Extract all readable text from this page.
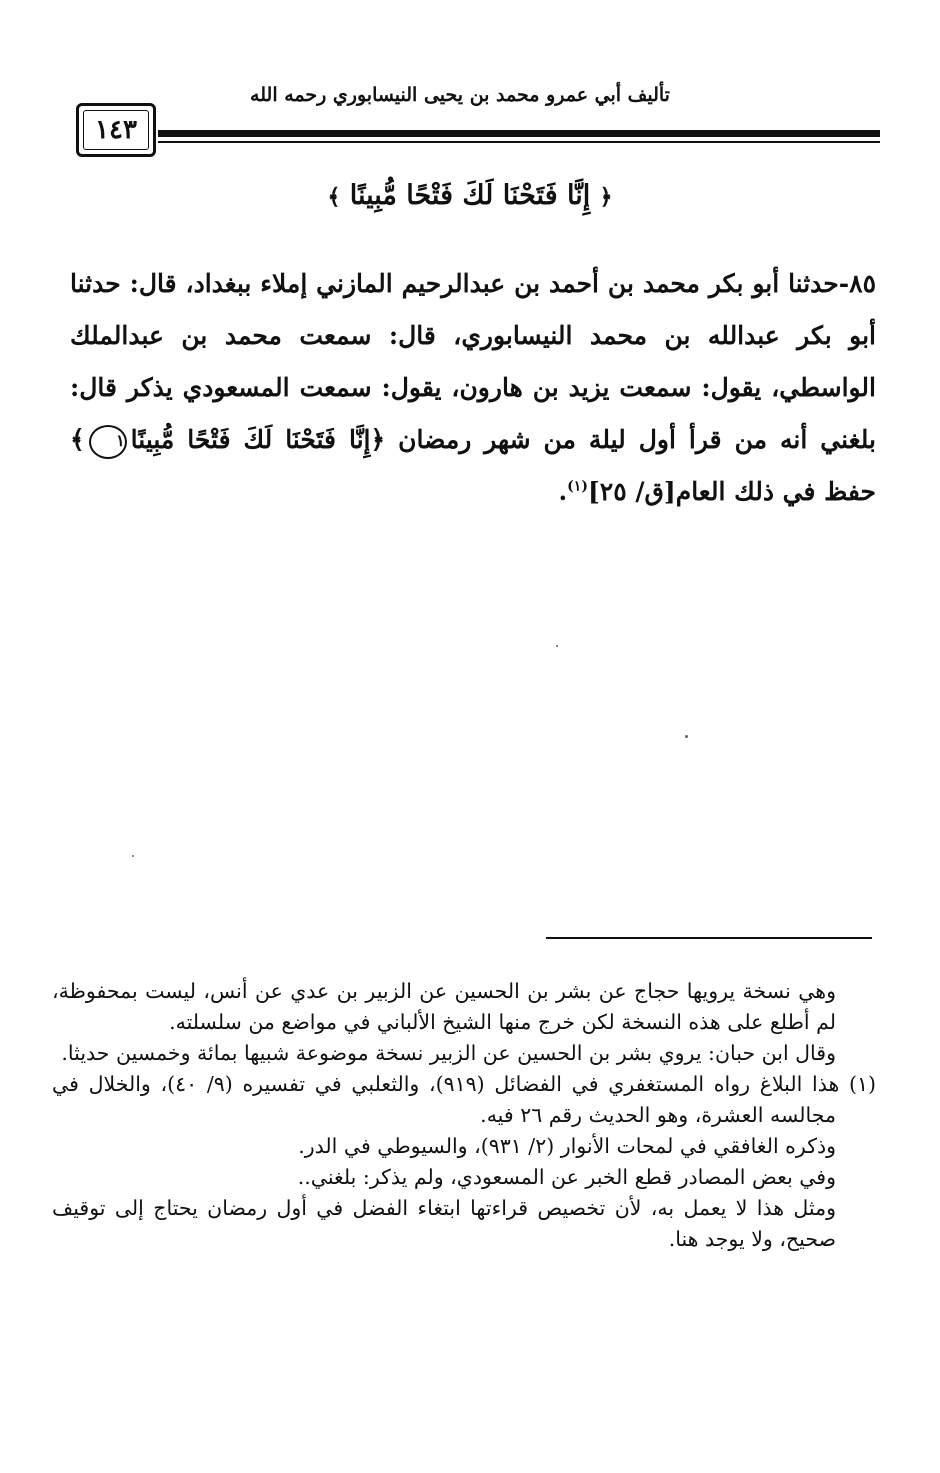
تأليف أبي عمرو محمد بن يحيى النيسابوري رحمه الله
١٤٣
﴿ إِنَّا فَتَحْنَا لَكَ فَتْحًا مُّبِينًا ﴾

٨٥-حدثنا أبو بكر محمد بن أحمد بن عبدالرحيم المازني إملاء ببغداد، قال: حدثنا أبو بكر عبدالله بن محمد النيسابوري، قال: سمعت محمد بن عبدالملك الواسطي، يقول: سمعت يزيد بن هارون، يقول: سمعت المسعودي يذكر قال: بلغني أنه من قرأ أول ليلة من شهر رمضان ﴿إِنَّا فَتَحْنَا لَكَ فَتْحًا مُّبِينًا١﴾ حفظ في ذلك العام[ق/ ٢٥]$^{(١)}$.

وهي نسخة يرويها حجاج عن بشر بن الحسين عن الزبير بن عدي عن أنس، ليست بمحفوظة، لم أطلع على هذه النسخة لكن خرج منها الشيخ الألباني في مواضع من سلسلته.

وقال ابن حبان: يروي بشر بن الحسين عن الزبير نسخة موضوعة شبيها بمائة وخمسين حديثا.

(١) هذا البلاغ رواه المستغفري في الفضائل (٩١٩)، والثعلبي في تفسيره (٩/ ٤٠)، والخلال في مجالسه العشرة، وهو الحديث رقم ٢٦ فيه.

وذكره الغافقي في لمحات الأنوار (٢/ ٩٣١)، والسيوطي في الدر.

وفي بعض المصادر قطع الخبر عن المسعودي، ولم يذكر: بلغني..

ومثل هذا لا يعمل به، لأن تخصيص قراءتها ابتغاء الفضل في أول رمضان يحتاج إلى توقيف صحيح، ولا يوجد هنا.
